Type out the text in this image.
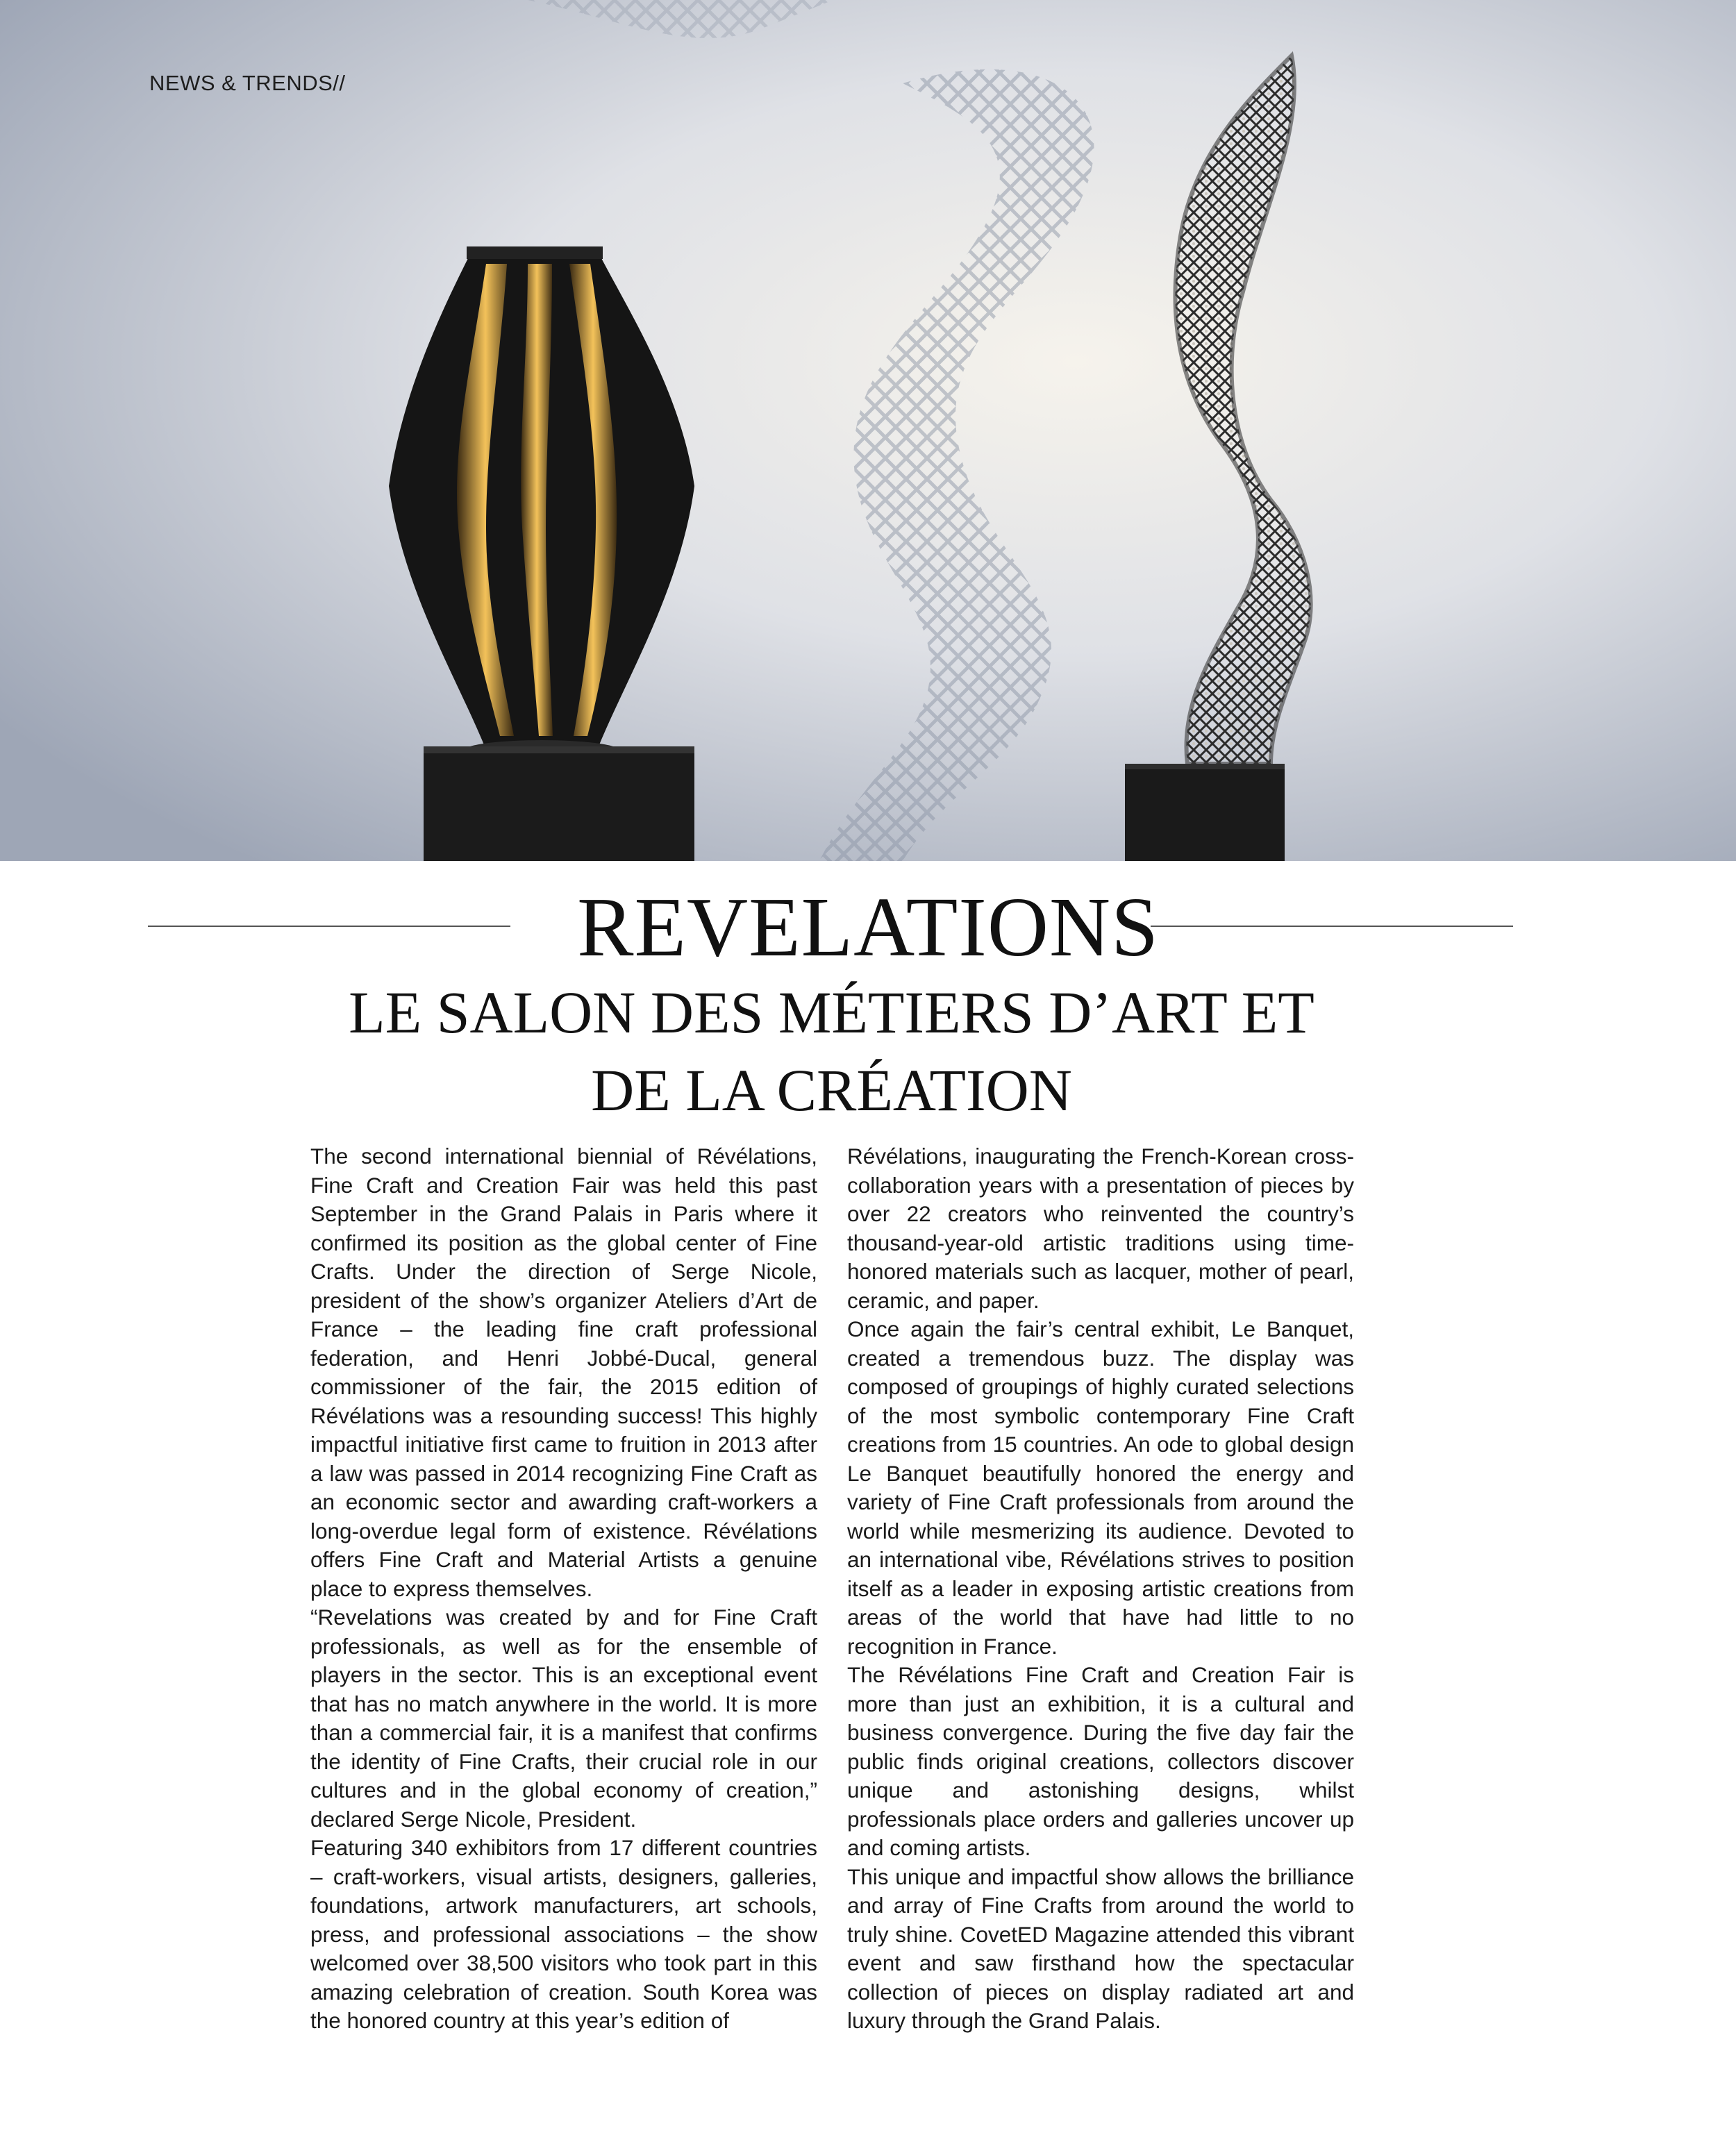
NEWS & TRENDS//
REVELATIONS
LE SALON DES MÉTIERS D’ART ET
DE LA CRÉATION

The second international biennial of Révélations, Fine Craft and Creation Fair was held this past September in the Grand Palais in Paris where it confirmed its position as the global center of Fine Crafts. Under the direction of Serge Nicole, president of the show’s organizer Ateliers d’Art de France – the leading fine craft professional federation, and Henri Jobbé-Ducal, general commissioner of the fair, the 2015 edition of Révélations was a resounding success! This highly impactful initiative first came to fruition in 2013 after a law was passed in 2014 recognizing Fine Craft as an economic sector and awarding craft-workers a long-overdue legal form of existence. Révélations offers Fine Craft and Material Artists a genuine place to express themselves.

“Revelations was created by and for Fine Craft professionals, as well as for the ensemble of players in the sector. This is an exceptional event that has no match anywhere in the world. It is more than a commercial fair, it is a manifest that confirms the identity of Fine Crafts, their crucial role in our cultures and in the global economy of creation,” declared Serge Nicole, President.

Featuring 340 exhibitors from 17 different countries – craft-workers, visual artists, designers, galleries, foundations, artwork manufacturers, art schools, press, and professional associations – the show welcomed over 38,500 visitors who took part in this amazing celebration of creation. South Korea was the honored country at this year’s edition of

Révélations, inaugurating the French-Korean cross-collaboration years with a presentation of pieces by over 22 creators who reinvented the country’s thousand-year-old artistic traditions using time-honored materials such as lacquer, mother of pearl, ceramic, and paper.

Once again the fair’s central exhibit, Le Banquet, created a tremendous buzz. The display was composed of groupings of highly curated selections of the most symbolic contemporary Fine Craft creations from 15 countries. An ode to global design Le Banquet beautifully honored the energy and variety of Fine Craft professionals from around the world while mesmerizing its audience. Devoted to an international vibe, Révélations strives to position itself as a leader in exposing artistic creations from areas of the world that have had little to no recognition in France.

The Révélations Fine Craft and Creation Fair is more than just an exhibition, it is a cultural and business convergence. During the five day fair the public finds original creations, collectors discover unique and astonishing designs, whilst professionals place orders and galleries uncover up and coming artists.

This unique and impactful show allows the brilliance and array of Fine Crafts from around the world to truly shine. CovetED Magazine attended this vibrant event and saw firsthand how the spectacular collection of pieces on display radiated art and luxury through the Grand Palais.
